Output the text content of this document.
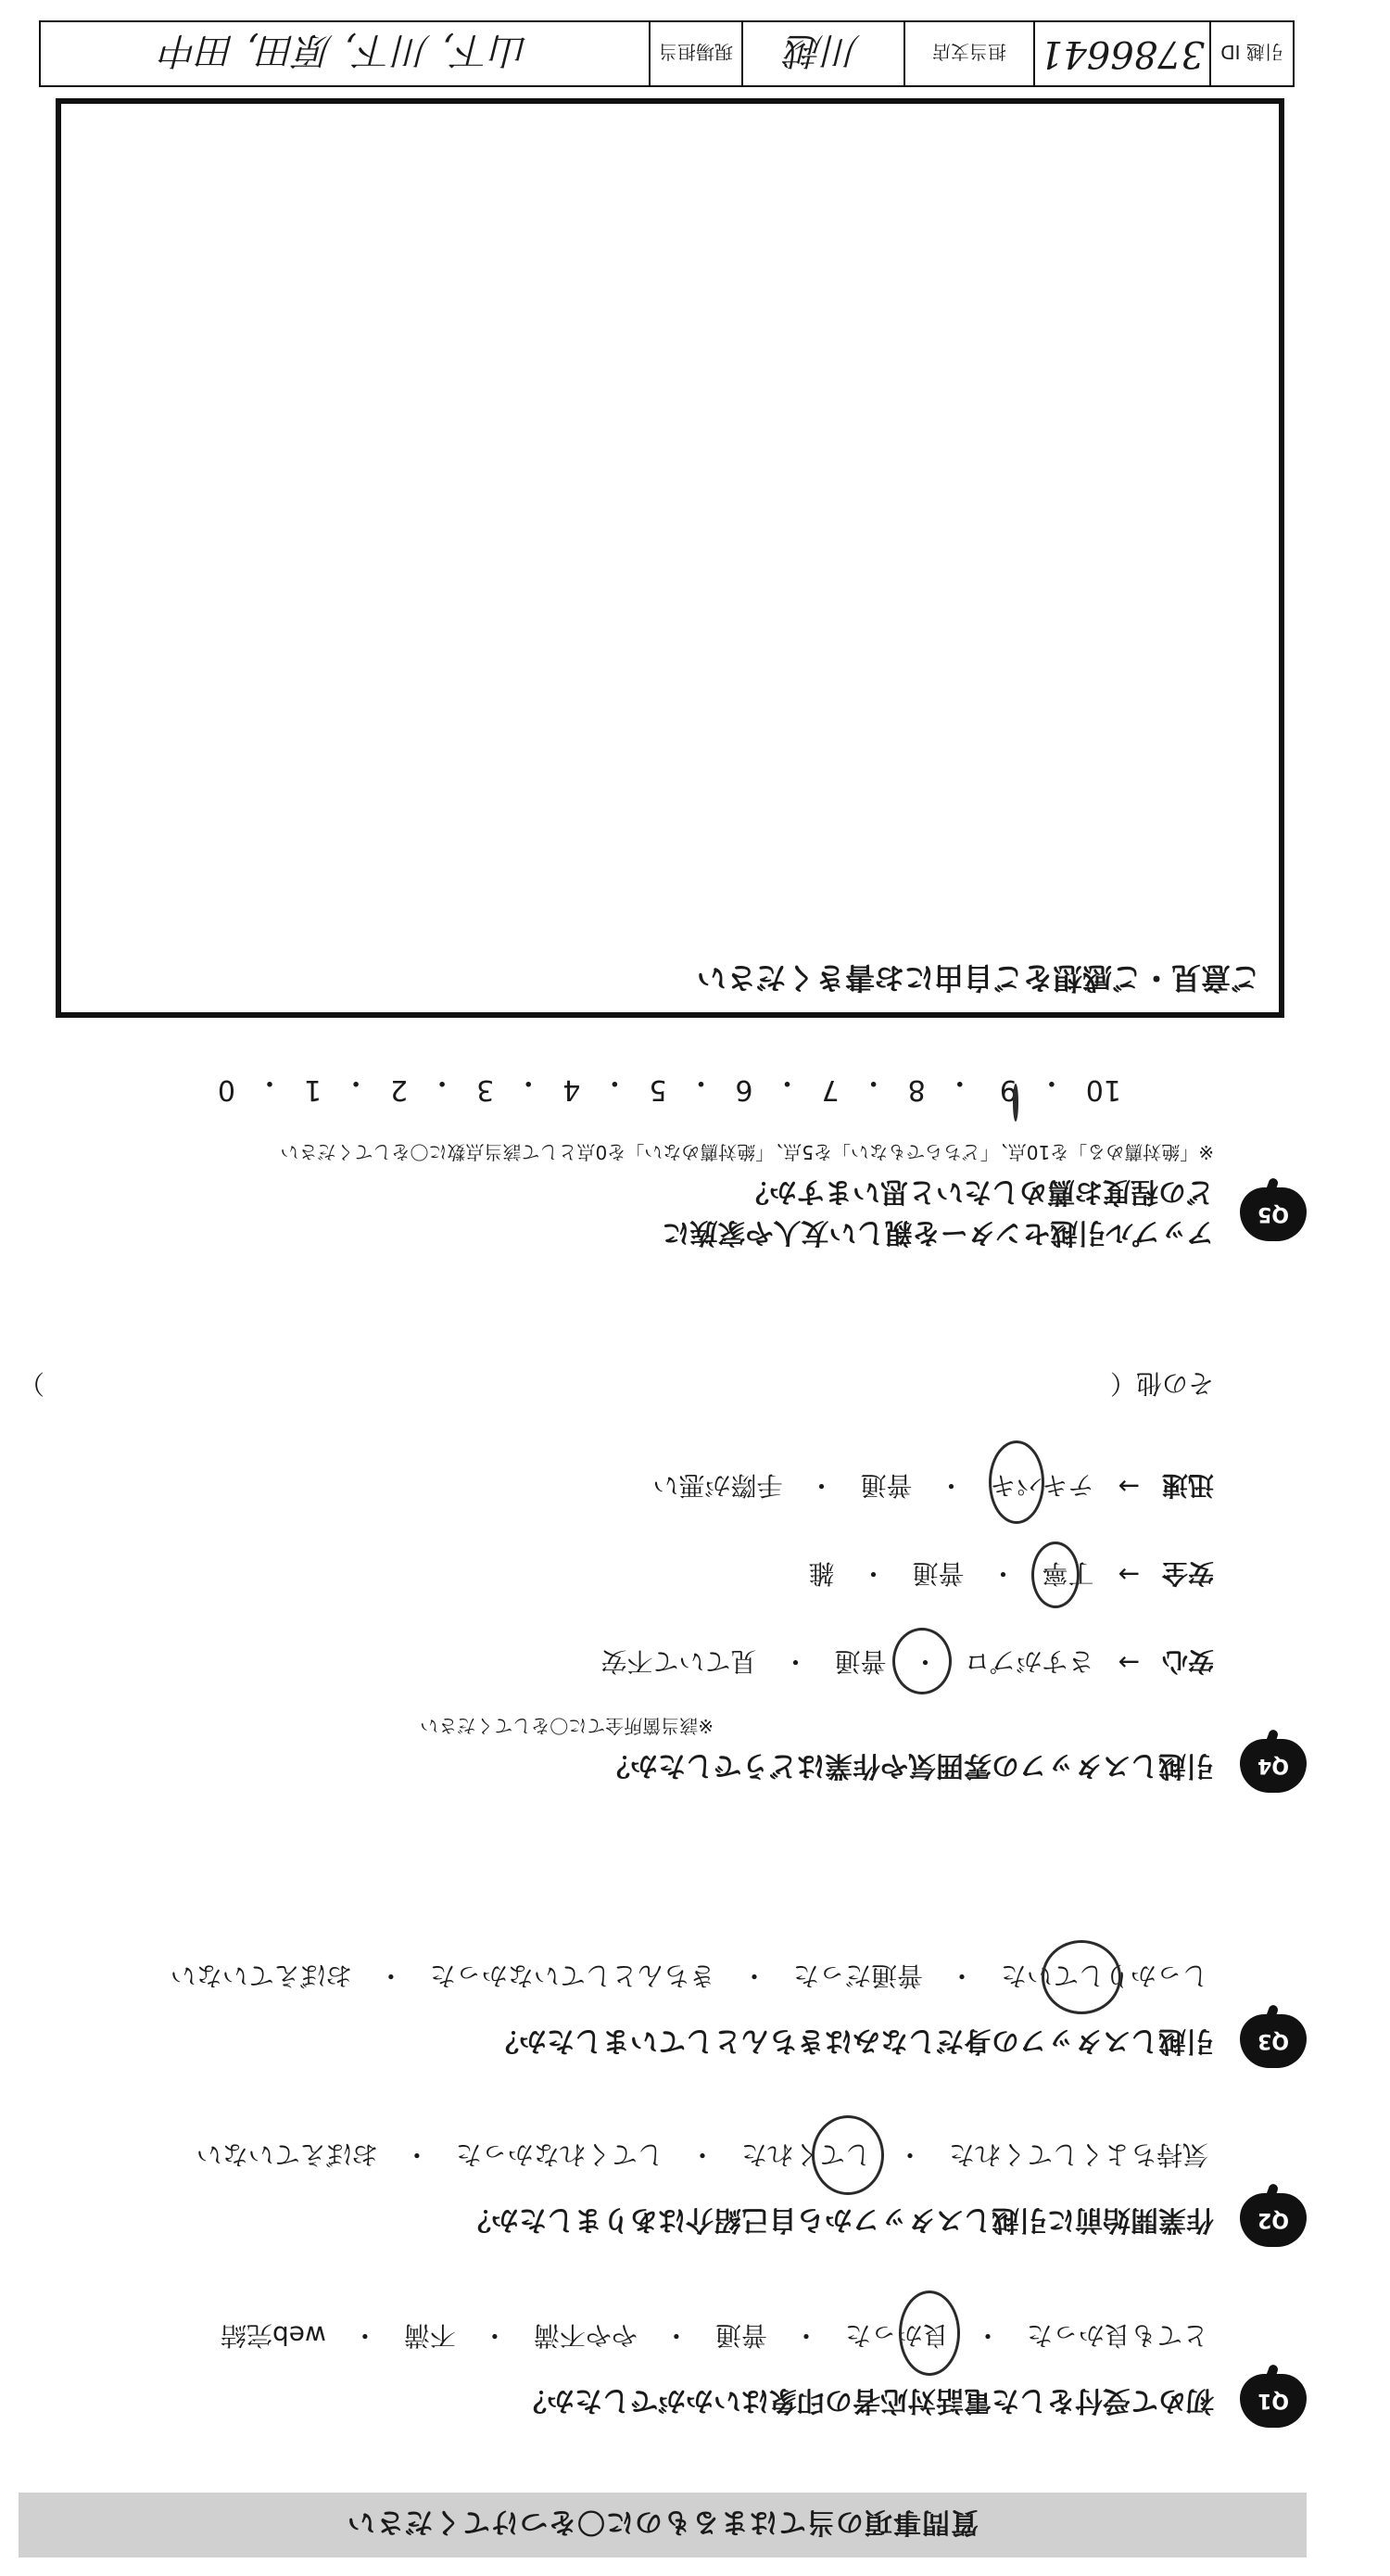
質問事項の当てはまるものに〇をつけてください
Q1
初めて受付をした電話対応者の印象はいかがでしたか？
とても良かった
・
良かった
・
普通
・
やや不満
・
不満
・
web完結
Q2
作業開始前に引越しスタッフから自己紹介はありましたか？
気持ちよくしてくれた
・
してくれた
・
してくれなかった
・
おぼえていない
Q3
引越しスタッフの身だしなみはきちんとしていましたか？
しっかりしていた
・
普通だった
・
きちんとしていなかった
・
おぼえていない
Q4
引越しスタッフの雰囲気や作業はどうでしたか？
※該当箇所全てに〇をしてください
安心
→
さすがプロ
・
普通
・
見ていて不安
安全
→
丁寧
・
普通
・
雑
迅速
→
テキパキ
・
普通
・
手際が悪い
その他（
）
Q5
アップル引越センターを親しい友人や家族に
どの程度お薦めしたいと思いますか？
※「絶対薦める」を10点、「どちらでもない」を5点、「絶対薦めない」を0点として該当点数に〇をしてください
10
・
9
・
8
・
7
・
6
・
5
・
4
・
3
・
2
・
1
・
0
ご意見・ご感想をご自由にお書きください
引越 ID
3786641
担当支店
川越
現場担当
山下, 川下, 原田, 田中
